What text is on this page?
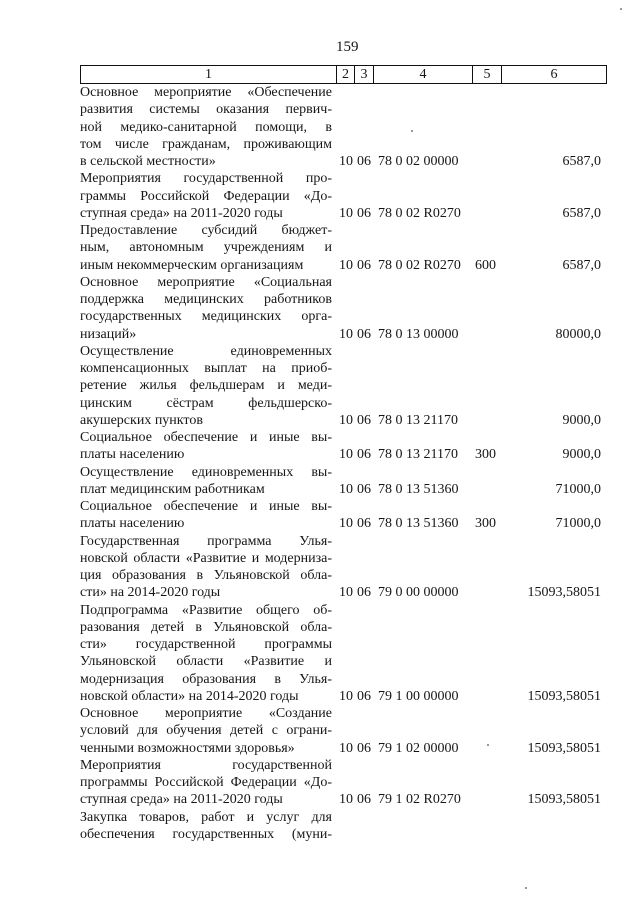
159
1	2 3	4	5	6
Основное мероприятие «Обеспечение
развития системы оказания первич-
ной медико-санитарной помощи, в
том числе гражданам, проживающим
в сельской местности»	10 06 78 0 02 00000	6587,0
Мероприятия государственной про-
граммы Российской Федерации «До-
ступная среда» на 2011-2020 годы	10 06 78 0 02 R0270	6587,0
Предоставление субсидий бюджет-
ным, автономным учреждениям и
иным некоммерческим организациям	10 06 78 0 02 R0270	600	6587,0
Основное мероприятие «Социальная
поддержка медицинских работников
государственных медицинских орга-
низаций»	10 06 78 0 13 00000	80000,0
Осуществление единовременных
компенсационных выплат на приоб-
ретение жилья фельдшерам и меди-
цинским сёстрам фельдшерско-
акушерских пунктов	10 06 78 0 13 21170	9000,0
Социальное обеспечение и иные вы-
платы населению	10 06 78 0 13 21170	300	9000,0
Осуществление единовременных вы-
плат медицинским работникам	10 06 78 0 13 51360	71000,0
Социальное обеспечение и иные вы-
платы населению	10 06 78 0 13 51360	300	71000,0
Государственная программа Улья-
новской области «Развитие и модерниза-
ция образования в Ульяновской обла-
сти» на 2014-2020 годы	10 06 79 0 00 00000	15093,58051
Подпрограмма «Развитие общего об-
разования детей в Ульяновской обла-
сти» государственной программы
Ульяновской области «Развитие и
модернизация образования в Улья-
новской области» на 2014-2020 годы	10 06 79 1 00 00000	15093,58051
Основное мероприятие «Создание
условий для обучения детей с ограни-
ченными возможностями здоровья»	10 06 79 1 02 00000	15093,58051
Мероприятия государственной
программы Российской Федерации «До-
ступная среда» на 2011-2020 годы	10 06 79 1 02 R0270	15093,58051
Закупка товаров, работ и услуг для
обеспечения государственных (муни-
